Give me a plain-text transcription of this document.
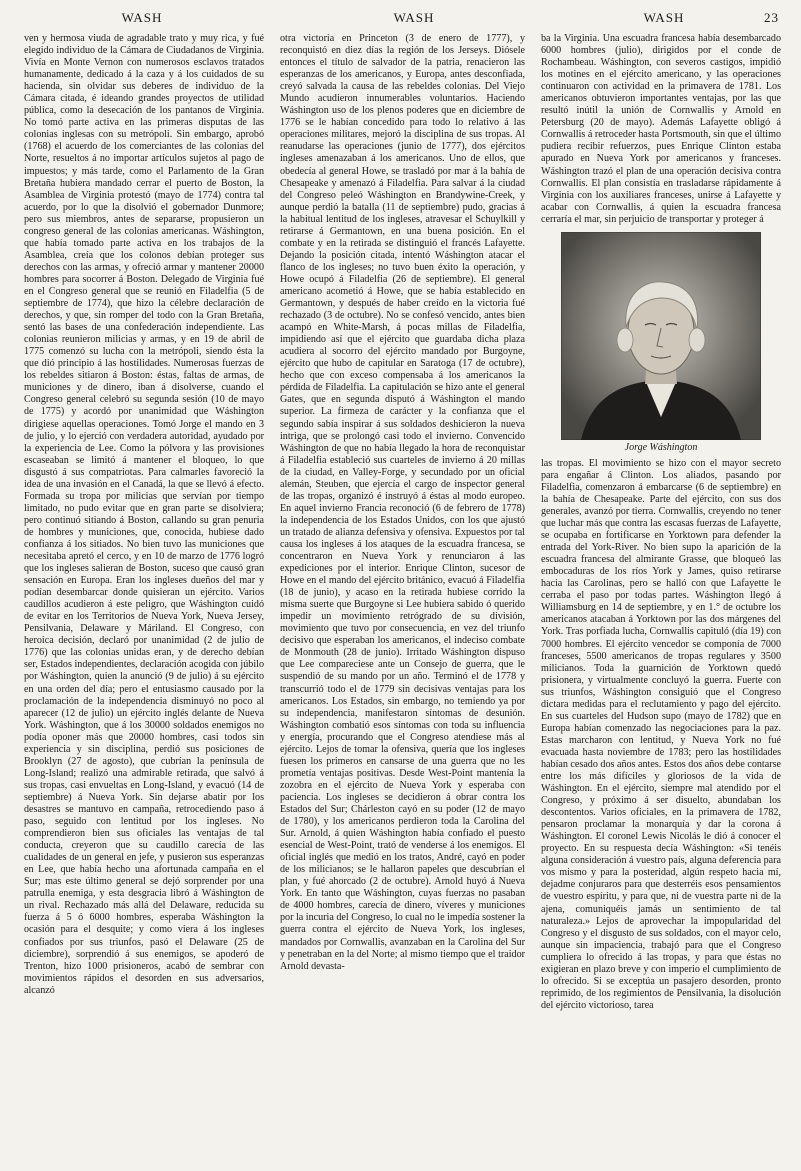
WASH	WASH	WASH	23

ven y hermosa viuda de agradable trato y muy rica, y fué elegido individuo de la Cámara de Ciudadanos de Virginia. Vivía en Monte Vernon con numerosos esclavos tratados humanamente, dedicado á la caza y á los cuidados de su hacienda, sin olvidar sus deberes de individuo de la Cámara citada, é ideando grandes proyectos de utilidad pública, como la desecación de los pantanos de Virginia. No tomó parte activa en las primeras disputas de las colonias inglesas con su metrópoli. Sin embargo, aprobó (1768) el acuerdo de los comerciantes de las colonias del Norte, resueltos á no importar artículos sujetos al pago de impuestos; y más tarde, como el Parlamento de la Gran Bretaña hubiera mandado cerrar el puerto de Boston, la Asamblea de Virginia protestó (mayo de 1774) contra tal acuerdo, por lo que la disolvió el gobernador Dunmore; pero sus miembros, antes de separarse, propusieron un congreso general de las colonias americanas. Wáshington, que había tomado parte activa en los trabajos de la Asamblea, creía que los colonos debían proteger sus derechos con las armas, y ofreció armar y mantener 20000 hombres para socorrer á Boston. Delegado de Virginia fué en el Congreso general que se reunió en Filadelfia (5 de septiembre de 1774), que hizo la célebre declaración de derechos, y que, sin romper del todo con la Gran Bretaña, sentó las bases de una confederación independiente. Las colonias reunieron milicias y armas, y en 19 de abril de 1775 comenzó su lucha con la metrópoli, siendo ésta la que dió principio á las hostilidades. Numerosas fuerzas de los rebeldes sitiaron á Boston: éstas, faltas de armas, de municiones y de dinero, iban á disolverse, cuando el Congreso general celebró su segunda sesión (10 de mayo de 1775) y acordó por unanimidad que Wáshington dirigiese aquellas operaciones. Tomó Jorge el mando en 3 de julio, y lo ejerció con verdadera autoridad, ayudado por la experiencia de Lee. Como la pólvora y las provisiones escaseaban se limitó á mantener el bloqueo, lo que disgustó á sus compatriotas. Para calmarles favoreció la idea de una invasión en el Canadá, la que se llevó á efecto. Formada su tropa por milicias que servían por tiempo limitado, no pudo evitar que en gran parte se disolviera; pero continuó sitiando á Boston, callando su gran penuria de hombres y municiones, que, conocida, hubiese dado confianza á los sitiados. No bien tuvo las municiones que necesitaba apretó el cerco, y en 10 de marzo de 1776 logró que los ingleses salieran de Boston, suceso que causó gran sensación en Europa. Eran los ingleses dueños del mar y podían desembarcar donde quisieran un ejército. Varios caudillos acudieron á este peligro, que Wáshington cuidó de evitar en los Territorios de Nueva York, Nueva Jersey, Pensilvania, Delaware y Máriland. El Congreso, con heroica decisión, declaró por unanimidad (2 de julio de 1776) que las colonias unidas eran, y de derecho debían ser, Estados independientes, declaración acogida con júbilo por Wáshington, quien la anunció (9 de julio) á su ejército en una orden del día; pero el entusiasmo causado por la proclamación de la independencia disminuyó no poco al aparecer (12 de julio) un ejército inglés delante de Nueva York. Wáshington, que á los 30000 soldados enemigos no podía oponer más que 20000 hombres, casi todos sin experiencia y sin disciplina, perdió sus posiciones de Brooklyn (27 de agosto), que cubrían la península de Long-Island; realizó una admirable retirada, que salvó á sus tropas, casi envueltas en Long-Island, y evacuó (14 de septiembre) á Nueva York. Sin dejarse abatir por los desastres se mantuvo en campaña, retrocediendo paso á paso, seguido con lentitud por los ingleses. No comprendieron bien sus oficiales las ventajas de tal conducta, creyeron que su caudillo carecía de las cualidades de un general en jefe, y pusieron sus esperanzas en Lee, que había hecho una afortunada campaña en el Sur; mas este último general se dejó sorprender por una patrulla enemiga, y esta desgracia libró á Wáshington de un rival. Rechazado más allá del Delaware, reducida su fuerza á 5 ó 6000 hombres, esperaba Wáshington la ocasión para el desquite; y como viera á los ingleses confiados por sus triunfos, pasó el Delaware (25 de diciembre), sorprendió á sus enemigos, se apoderó de Trenton, hizo 1000 prisioneros, acabó de sembrar con movimientos rápidos el desorden en sus adversarios, alcanzó

otra victoria en Princeton (3 de enero de 1777), y reconquistó en diez días la región de los Jerseys. Diósele entonces el título de salvador de la patria, renacieron las esperanzas de los americanos, y Europa, antes desconfiada, creyó salvada la causa de las rebeldes colonias. Del Viejo Mundo acudieron innumerables voluntarios. Haciendo Wáshington uso de los plenos poderes que en diciembre de 1776 se le habían concedido para todo lo relativo á las operaciones militares, mejoró la disciplina de sus tropas. Al reanudarse las operaciones (junio de 1777), dos ejércitos ingleses amenazaban á los americanos. Uno de ellos, que obedecía al general Howe, se trasladó por mar á la bahía de Chesapeake y amenazó á Filadelfia. Para salvar á la ciudad del Congreso peleó Wáshington en Brandywine-Creek, y aunque perdió la batalla (11 de septiembre) pudo, gracias á la habitual lentitud de los ingleses, atravesar el Schuylkill y retirarse á Germantown, en una buena posición. En el combate y en la retirada se distinguió el francés Lafayette. Dejando la posición citada, intentó Wáshington atacar el flanco de los ingleses; no tuvo buen éxito la operación, y Howe ocupó á Filadelfia (26 de septiembre). El general americano acometió á Howe, que se había establecido en Germantown, y después de haber creído en la victoria fué rechazado (3 de octubre). No se confesó vencido, antes bien acampó en White-Marsh, á pocas millas de Filadelfia, impidiendo así que el ejército que guardaba dicha plaza acudiera al socorro del ejército mandado por Burgoyne, ejército que hubo de capitular en Saratoga (17 de octubre), hecho que con exceso compensaba á los americanos la pérdida de Filadelfia. La capitulación se hizo ante el general Gates, que en segunda disputó á Wáshington el mando superior. La firmeza de carácter y la confianza que el segundo sabía inspirar á sus soldados deshicieron la nueva intriga, que se prolongó casi todo el invierno. Convencido Wáshington de que no había llegado la hora de reconquistar á Filadelfia estableció sus cuarteles de invierno á 20 millas de la ciudad, en Valley-Forge, y secundado por un oficial alemán, Steuben, que ejercía el cargo de inspector general de las tropas, organizó é instruyó á éstas al modo europeo. En aquel invierno Francia reconoció (6 de febrero de 1778) la independencia de los Estados Unidos, con los que ajustó un tratado de alianza defensiva y ofensiva. Expuestos por tal causa los ingleses á los ataques de la escuadra francesa, se concentraron en Nueva York y renunciaron á las expediciones por el interior. Enrique Clinton, sucesor de Howe en el mando del ejército británico, evacuó á Filadelfia (18 de junio), y acaso en la retirada hubiese corrido la misma suerte que Burgoyne si Lee hubiera sabido ó querido impedir un movimiento retrógrado de su división, movimiento que tuvo por consecuencia, en vez del triunfo decisivo que esperaban los americanos, el indeciso combate de Monmouth (28 de junio). Irritado Wáshington dispuso que Lee compareciese ante un Consejo de guerra, que le suspendió de su mando por un año. Terminó el de 1778 y transcurrió todo el de 1779 sin decisivas ventajas para los americanos. Los Estados, sin embargo, no temiendo ya por su independencia, manifestaron síntomas de desunión. Wáshington combatió esos síntomas con toda su influencia y energía, procurando que el Congreso atendiese más al ejército. Lejos de tomar la ofensiva, quería que los ingleses fuesen los primeros en cansarse de una guerra que no les prometía ventajas positivas. Desde West-Point mantenía la zozobra en el ejército de Nueva York y esperaba con paciencia. Los ingleses se decidieron á obrar contra los Estados del Sur; Chárleston cayó en su poder (12 de mayo de 1780), y los americanos perdieron toda la Carolina del Sur. Arnold, á quien Wáshington había confiado el puesto esencial de West-Point, trató de venderse á los enemigos. El oficial inglés que medió en los tratos, André, cayó en poder de los milicianos; se le hallaron papeles que descubrían el plan, y fué ahorcado (2 de octubre). Arnold huyó á Nueva York. En tanto que Wáshington, cuyas fuerzas no pasaban de 4000 hombres, carecía de dinero, víveres y municiones por la incuria del Congreso, lo cual no le impedía sostener la guerra contra el ejército de Nueva York, los ingleses, mandados por Cornwallis, avanzaban en la Carolina del Sur y penetraban en la del Norte; al mismo tiempo que el traidor Arnold devasta-

ba la Virginia. Una escuadra francesa había desembarcado 6000 hombres (julio), dirigidos por el conde de Rochambeau. Wáshington, con severos castigos, impidió los motines en el ejército americano, y las operaciones continuaron con actividad en la primavera de 1781. Los americanos obtuvieron importantes ventajas, por las que resultó inútil la unión de Cornwallis y Arnold en Petersburg (20 de mayo). Además Lafayette obligó á Cornwallis á retroceder hasta Portsmouth, sin que el último pudiera recibir refuerzos, pues Enrique Clinton estaba apurado en Nueva York por americanos y franceses. Wáshington trazó el plan de una operación decisiva contra Cornwallis. El plan consistía en trasladarse rápidamente á Virginia con los auxiliares franceses, unirse á Lafayette y acabar con Cornwallis, á quien la escuadra francesa cerraría el mar, sin perjuicio de transportar y proteger á

Jorge Wáshington

las tropas. El movimiento se hizo con el mayor secreto para engañar á Clinton. Los aliados, pasando por Filadelfia, comenzaron á embarcarse (6 de septiembre) en la bahía de Chesapeake. Parte del ejército, con sus dos generales, avanzó por tierra. Cornwallis, creyendo no tener que luchar más que contra las escasas fuerzas de Lafayette, se ocupaba en fortificarse en Yorktown para defender la entrada del York-River. No bien supo la aparición de la escuadra francesa del almirante Grasse, que bloqueó las embocaduras de los ríos York y James, quiso retirarse hacia las Carolinas, pero se halló con que Lafayette le cerraba el paso por todas partes. Wáshington llegó á Williamsburg en 14 de septiembre, y en 1.° de octubre los americanos atacaban á Yorktown por las dos márgenes del York. Tras porfiada lucha, Cornwallis capituló (día 19) con 7000 hombres. El ejército vencedor se componía de 7000 franceses, 5500 americanos de tropas regulares y 3500 milicianos. Toda la guarnición de Yorktown quedó prisionera, y virtualmente concluyó la guerra. Fuerte con sus triunfos, Wáshington consiguió que el Congreso dictara medidas para el reclutamiento y pago del ejército. En sus cuarteles del Hudson supo (mayo de 1782) que en Europa habían comenzado las negociaciones para la paz. Estas marcharon con lentitud, y Nueva York no fué evacuada hasta noviembre de 1783; pero las hostilidades habían cesado dos años antes. Estos dos años debe contarse entre los más difíciles y gloriosos de la vida de Wáshington. En el ejército, siempre mal atendido por el Congreso, y próximo á ser disuelto, abundaban los descontentos. Varios oficiales, en la primavera de 1782, pensaron proclamar la monarquía y dar la corona á Wáshington. El coronel Lewis Nicolás le dió á conocer el proyecto. En su respuesta decía Wáshington: «Si tenéis alguna consideración á vuestro país, alguna deferencia para vos mismo y para la posteridad, algún respeto hacia mí, dejadme conjuraros para que desterréis esos pensamientos de vuestro espíritu, y para que, ni de vuestra parte ni de la ajena, comuniquéis jamás un sentimiento de tal naturaleza.» Lejos de aprovechar la impopularidad del Congreso y el disgusto de sus soldados, con el mayor celo, aunque sin impaciencia, trabajó para que el Congreso cumpliera lo ofrecido á las tropas, y para que éstas no exigieran en plazo breve y con imperio el cumplimiento de lo ofrecido. Si se exceptúa un pasajero desorden, pronto reprimido, de los regimientos de Pensilvania, la disolución del ejército victorioso, tarea
